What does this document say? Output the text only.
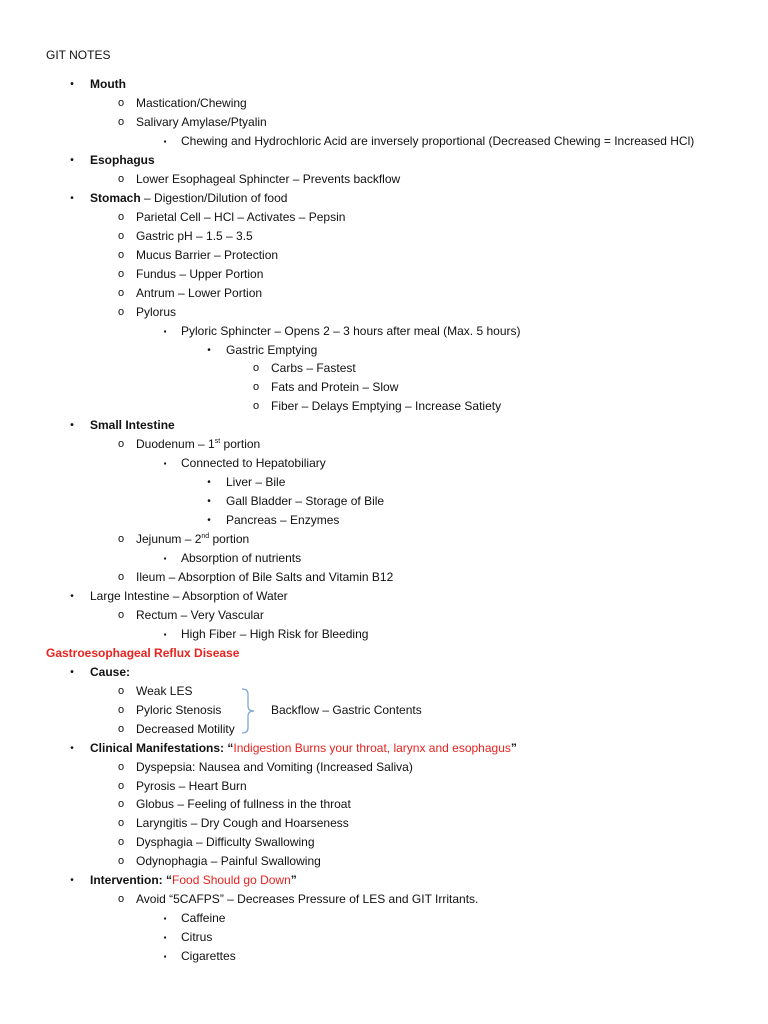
GIT NOTES
•	Mouth
o Mastication/Chewing
o Salivary Amylase/Ptyalin
▪	Chewing and Hydrochloric Acid are inversely proportional (Decreased Chewing = Increased HCl)
•	Esophagus
o Lower Esophageal Sphincter – Prevents backflow
•	Stomach – Digestion/Dilution of food
o Parietal Cell – HCl – Activates – Pepsin
o Gastric pH – 1.5 – 3.5
o Mucus Barrier – Protection
o Fundus – Upper Portion
o Antrum – Lower Portion
o Pylorus
▪	Pyloric Sphincter – Opens 2 – 3 hours after meal (Max. 5 hours)
•	Gastric Emptying
o Carbs – Fastest
o Fats and Protein – Slow
o Fiber – Delays Emptying – Increase Satiety
•	Small Intestine
o Duodenum – 1st portion
▪	Connected to Hepatobiliary
•	Liver – Bile
•	Gall Bladder – Storage of Bile
•	Pancreas – Enzymes
o Jejunum – 2nd portion
▪	Absorption of nutrients
o Ileum – Absorption of Bile Salts and Vitamin B12
•	Large Intestine – Absorption of Water
o Rectum – Very Vascular
▪	High Fiber – High Risk for Bleeding
Gastroesophageal Reflux Disease
•	Cause:
o Weak LES
o Pyloric Stenosis
o Decreased Motility
Backflow – Gastric Contents
•	Clinical Manifestations: “Indigestion Burns your throat, larynx and esophagus”
o Dyspepsia: Nausea and Vomiting (Increased Saliva)
o Pyrosis – Heart Burn
o Globus – Feeling of fullness in the throat
o Laryngitis – Dry Cough and Hoarseness
o Dysphagia – Difficulty Swallowing
o Odynophagia – Painful Swallowing
•	Intervention: “Food Should go Down”
o Avoid “5CAFPS” – Decreases Pressure of LES and GIT Irritants.
▪	Caffeine
▪	Citrus
▪	Cigarettes
